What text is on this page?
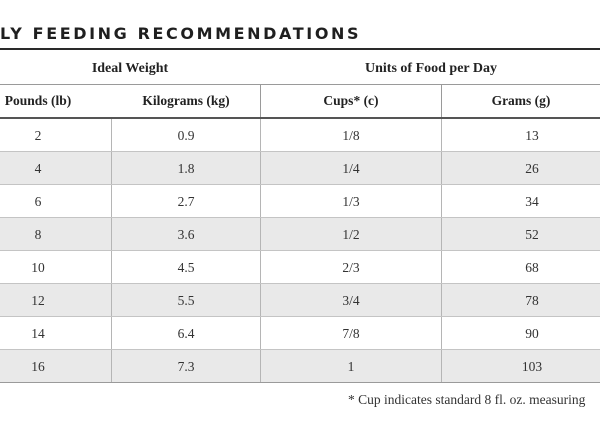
LY FEEDING RECOMMENDATIONS
Ideal Weight	Units of Food per Day
Pounds (lb)	Kilograms (kg)	Cups* (c)	Grams (g)
2	0.9	1/8	13
4	1.8	1/4	26
6	2.7	1/3	34
8	3.6	1/2	52
10	4.5	2/3	68
12	5.5	3/4	78
14	6.4	7/8	90
16	7.3	1	103
* Cup indicates standard 8 fl. oz. measuring
